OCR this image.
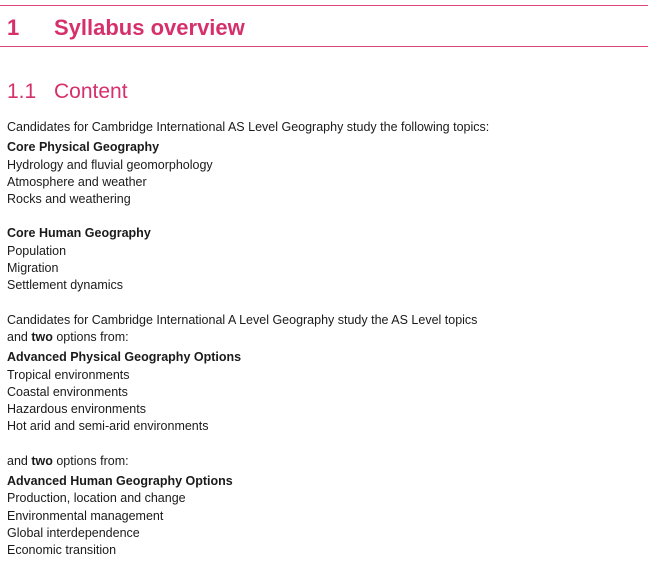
1 Syllabus overview
1.1 Content

Candidates for Cambridge International AS Level Geography study the following topics:

Core Physical Geography

Hydrology and fluvial geomorphology

Atmosphere and weather

Rocks and weathering

Core Human Geography

Population

Migration

Settlement dynamics

Candidates for Cambridge International A Level Geography study the AS Level topics

and two options from:

Advanced Physical Geography Options

Tropical environments

Coastal environments

Hazardous environments

Hot arid and semi-arid environments

and two options from:

Advanced Human Geography Options

Production, location and change

Environmental management

Global interdependence

Economic transition
